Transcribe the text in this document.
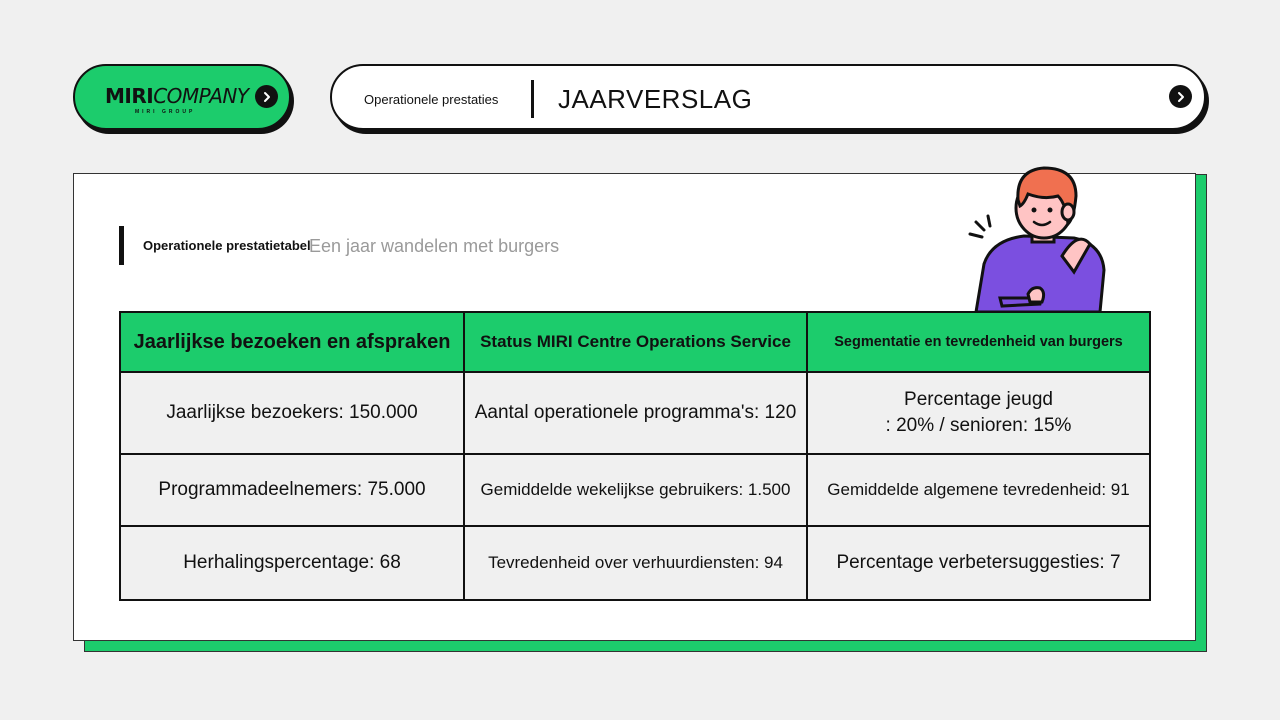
MIRICOMPANY
MIRI GROUP
Operationele prestaties JAARVERSLAG
Operationele prestatietabel
Een jaar wandelen met burgers
Jaarlijkse bezoeken en afspraken	Status MIRI Centre Operations Service	Segmentatie en tevredenheid van burgers
Jaarlijkse bezoekers: 150.000	Aantal operationele programma's: 120	Percentage jeugd
: 20% / senioren: 15%

Programmadeelnemers: 75.000	Gemiddelde wekelijkse gebruikers: 1.500	Gemiddelde algemene tevredenheid: 91
Herhalingspercentage: 68	Tevredenheid over verhuurdiensten: 94	Percentage verbetersuggesties: 7
